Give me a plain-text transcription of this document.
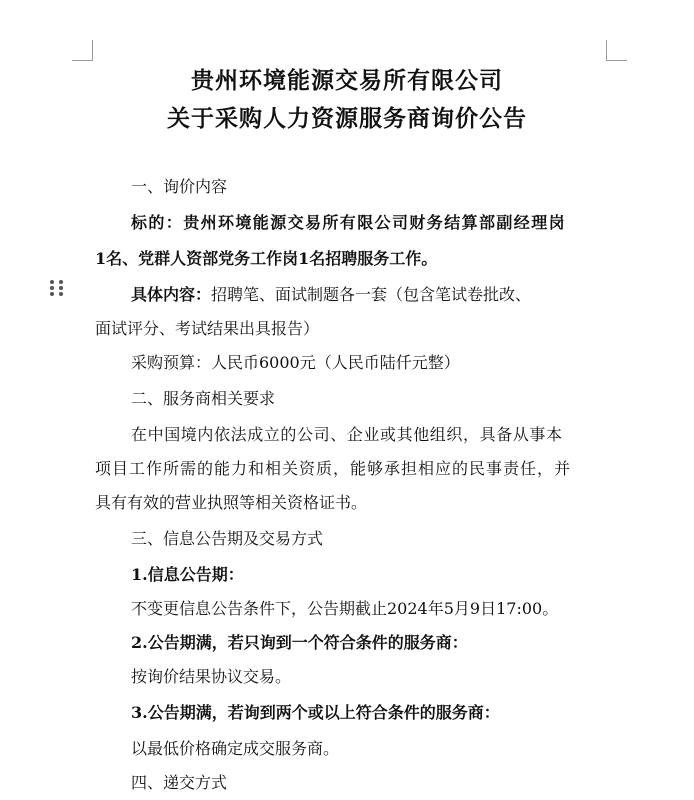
贵州环境能源交易所有限公司
关于采购人力资源服务商询价公告
一、询价内容
标的：贵州环境能源交易所有限公司财务结算部副经理岗
1名、党群人资部党务工作岗1名招聘服务工作。
具体内容：招聘笔、面试制题各一套（包含笔试卷批改、
面试评分、考试结果出具报告）
采购预算：人民币6000元（人民币陆仟元整）
二、服务商相关要求
在中国境内依法成立的公司、企业或其他组织，具备从事本
项目工作所需的能力和相关资质，能够承担相应的民事责任，并
具有有效的营业执照等相关资格证书。
三、信息公告期及交易方式
1.信息公告期：
不变更信息公告条件下，公告期截止2024年5月9日17:00。
2.公告期满，若只询到一个符合条件的服务商：
按询价结果协议交易。
3.公告期满，若询到两个或以上符合条件的服务商：
以最低价格确定成交服务商。
四、递交方式
